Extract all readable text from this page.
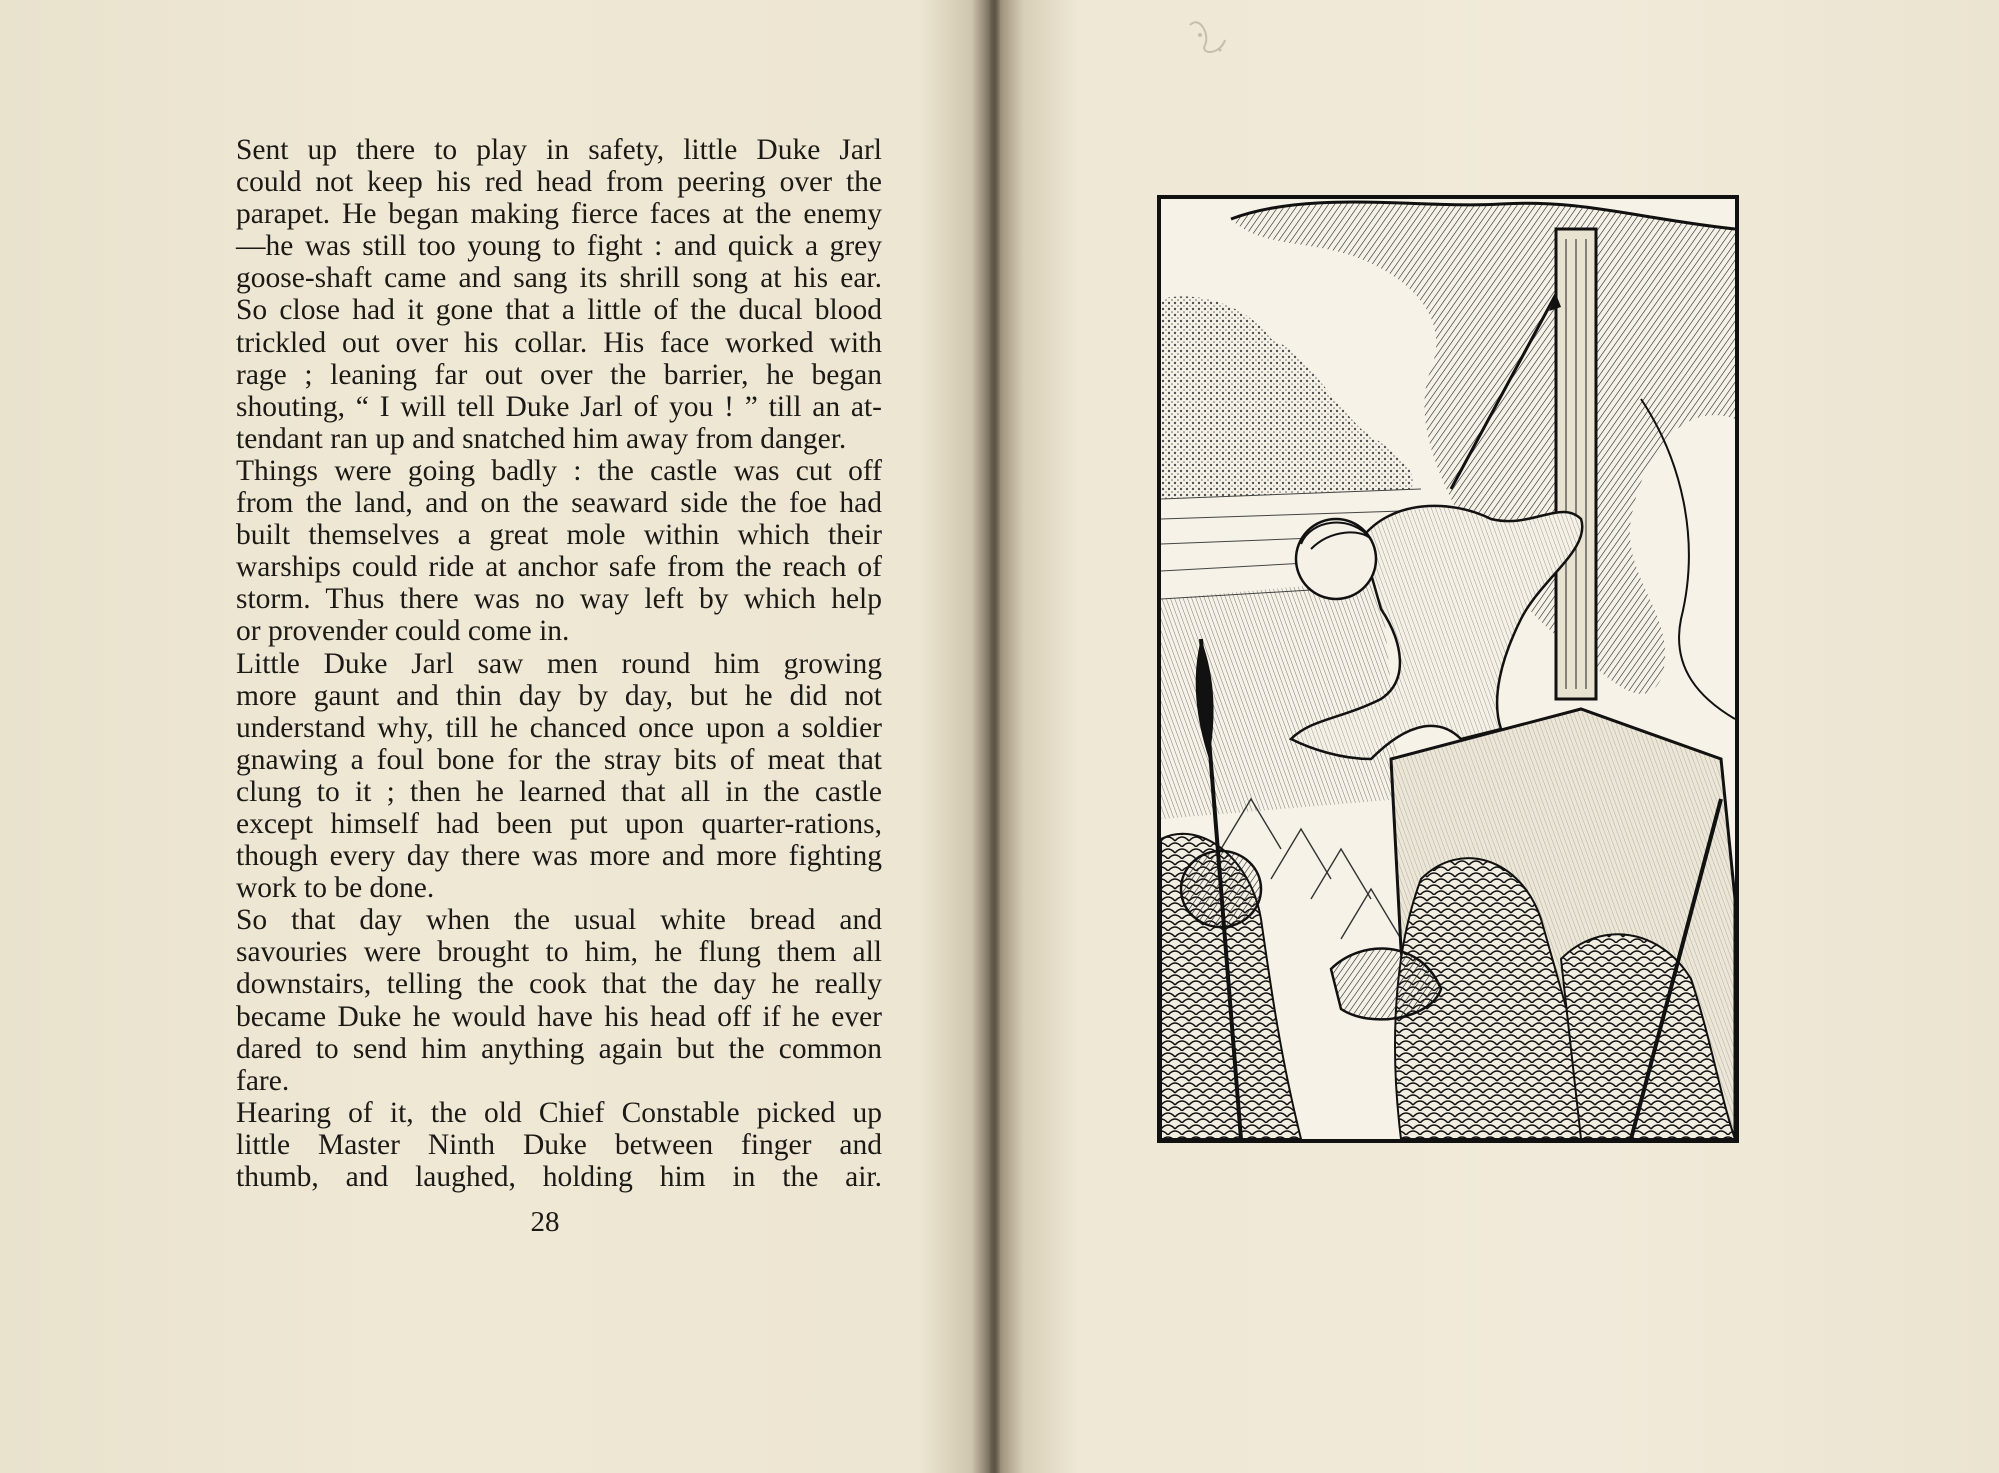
Sent up there to play in safety, little Duke Jarl
could not keep his red head from peering over the
parapet. He began making fierce faces at the enemy
—he was still too young to fight : and quick a grey
goose-shaft came and sang its shrill song at his ear.
So close had it gone that a little of the ducal blood
trickled out over his collar. His face worked with
rage ; leaning far out over the barrier, he began
shouting, “ I will tell Duke Jarl of you ! ” till an at-
tendant ran up and snatched him away from danger.

Things were going badly : the castle was cut off
from the land, and on the seaward side the foe had
built themselves a great mole within which their
warships could ride at anchor safe from the reach of
storm. Thus there was no way left by which help
or provender could come in.

Little Duke Jarl saw men round him growing
more gaunt and thin day by day, but he did not
understand why, till he chanced once upon a soldier
gnawing a foul bone for the stray bits of meat that
clung to it ; then he learned that all in the castle
except himself had been put upon quarter-rations,
though every day there was more and more fighting
work to be done.

So that day when the usual white bread and
savouries were brought to him, he flung them all
downstairs, telling the cook that the day he really
became Duke he would have his head off if he ever
dared to send him anything again but the common
fare.

Hearing of it, the old Chief Constable picked up
little Master Ninth Duke between finger and
thumb, and laughed, holding him in the air.

28
